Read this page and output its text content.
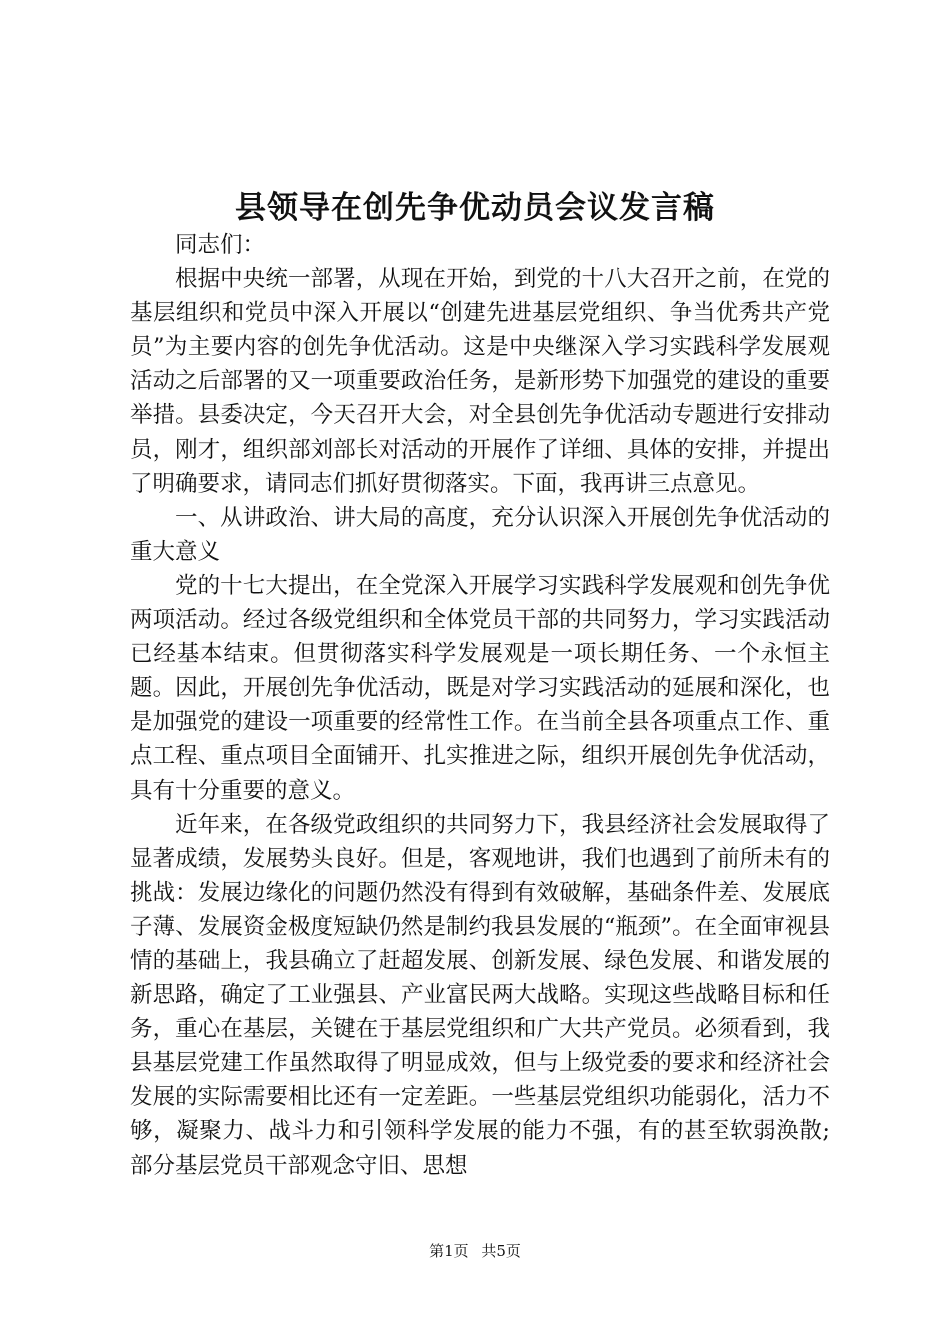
县领导在创先争优动员会议发言稿

同志们：

根据中央统一部署，从现在开始，到党的十八大召开之前，在党的基层组织和党员中深入开展以“创建先进基层党组织、争当优秀共产党员”为主要内容的创先争优活动。这是中央继深入学习实践科学发展观活动之后部署的又一项重要政治任务，是新形势下加强党的建设的重要举措。县委决定，今天召开大会，对全县创先争优活动专题进行安排动员，刚才，组织部刘部长对活动的开展作了详细、具体的安排，并提出了明确要求，请同志们抓好贯彻落实。下面，我再讲三点意见。

一、从讲政治、讲大局的高度，充分认识深入开展创先争优活动的重大意义

党的十七大提出，在全党深入开展学习实践科学发展观和创先争优两项活动。经过各级党组织和全体党员干部的共同努力，学习实践活动已经基本结束。但贯彻落实科学发展观是一项长期任务、一个永恒主题。因此，开展创先争优活动，既是对学习实践活动的延展和深化，也是加强党的建设一项重要的经常性工作。在当前全县各项重点工作、重点工程、重点项目全面铺开、扎实推进之际，组织开展创先争优活动，具有十分重要的意义。

近年来，在各级党政组织的共同努力下，我县经济社会发展取得了显著成绩，发展势头良好。但是，客观地讲，我们也遇到了前所未有的挑战：发展边缘化的问题仍然没有得到有效破解，基础条件差、发展底子薄、发展资金极度短缺仍然是制约我县发展的“瓶颈”。在全面审视县情的基础上，我县确立了赶超发展、创新发展、绿色发展、和谐发展的新思路，确定了工业强县、产业富民两大战略。实现这些战略目标和任务，重心在基层，关键在于基层党组织和广大共产党员。必须看到，我县基层党建工作虽然取得了明显成效，但与上级党委的要求和经济社会发展的实际需要相比还有一定差距。一些基层党组织功能弱化，活力不够，凝聚力、战斗力和引领科学发展的能力不强，有的甚至软弱涣散;部分基层党员干部观念守旧、思想

第1页 共5页
